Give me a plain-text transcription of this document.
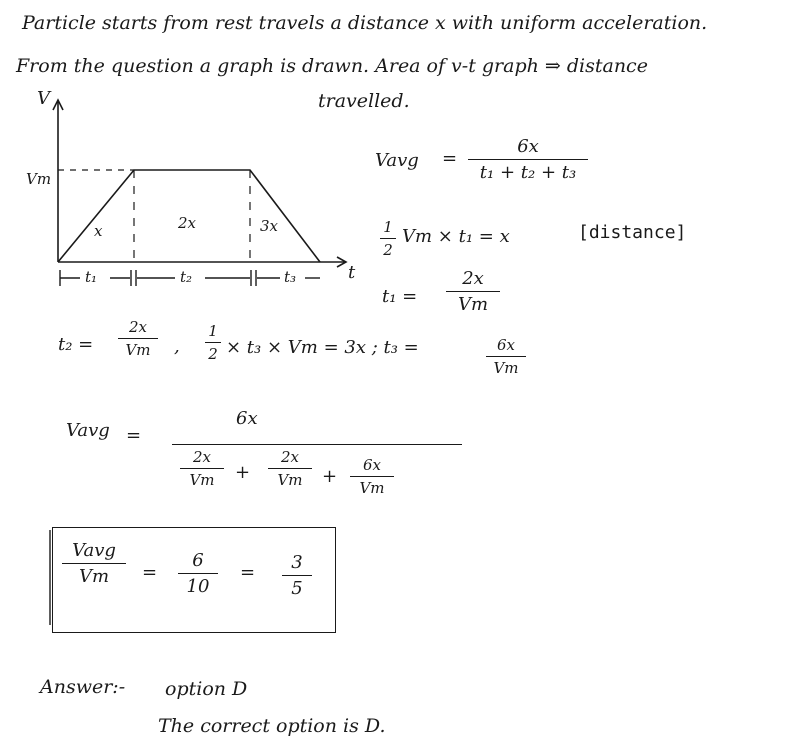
Particle starts from rest travels a distance x with uniform acceleration.
From the question a graph is drawn. Area of v-t graph ⇒ distance
travelled.
V
Vm
x	2x	3x
t
t₁	t₂	t₃
Vavg =
6x
t₁ + t₂ + t₃
1
2
Vm × t₁ = x	[distance]
t₁ =
2x
Vm
t₂ =
2x
Vm	,
1
2 × t₃ × Vm = 3x ; t₃ =	6x
Vm
Vavg =
6x
2x
Vm	+
2x
Vm	+
6x
Vm
Vavg
Vm	=
6
10
=	3
5
Answer:- option D
The correct option is D.
